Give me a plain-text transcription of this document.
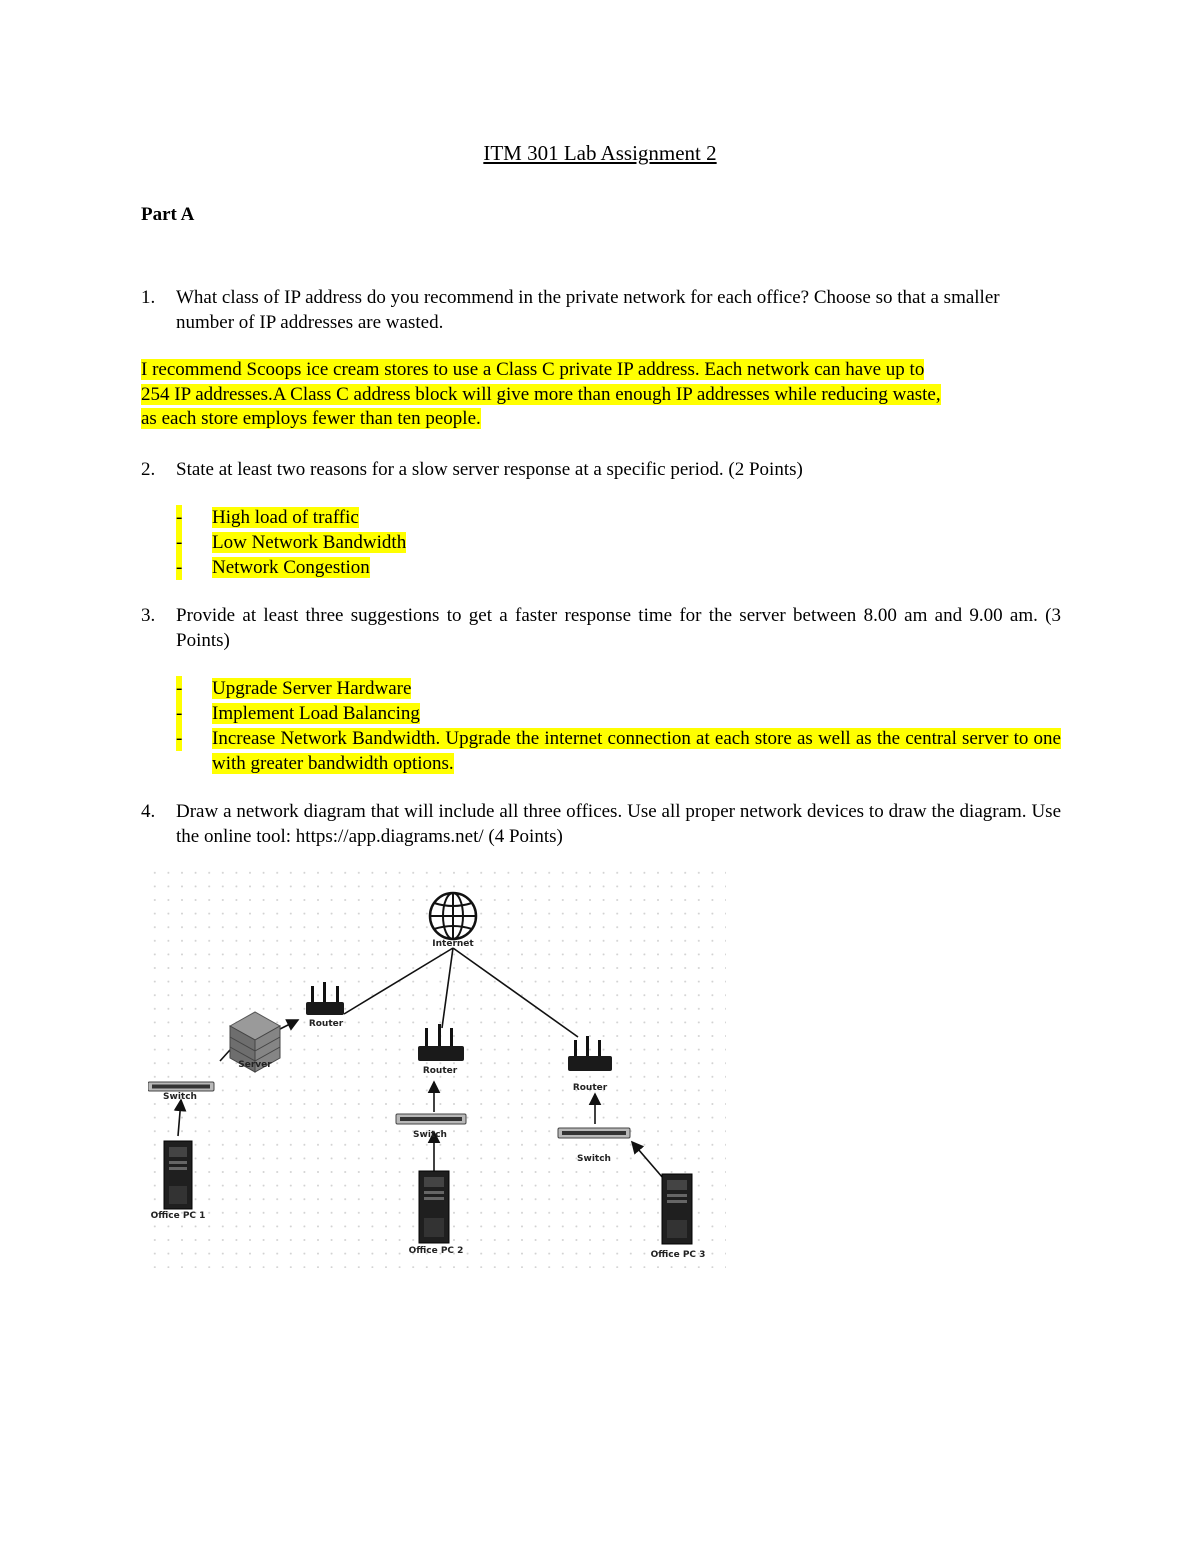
ITM 301 Lab Assignment 2
Part A
1. What class of IP address do you recommend in the private network for each office? Choose so that a smaller number of IP addresses are wasted.
I recommend Scoops ice cream stores to use a Class C private IP address. Each network can have up to
254 IP addresses.A Class C address block will give more than enough IP addresses while reducing waste,
as each store employs fewer than ten people.
2. State at least two reasons for a slow server response at a specific period. (2 Points)
- High load of traffic
- Low Network Bandwidth
- Network Congestion
3. Provide at least three suggestions to get a faster response time for the server between 8.00 am and 9.00 am. (3 Points)
- Upgrade Server Hardware
- Implement Load Balancing
- Increase Network Bandwidth. Upgrade the internet connection at each store as well as the central server to one with greater bandwidth options.
4. Draw a network diagram that will include all three offices. Use all proper network devices to draw the diagram. Use the online tool: https://app.diagrams.net/ (4 Points)
Internet
Router
Server
Switch
Office PC 1
Router
Switch
Office PC 2
Router
Switch
Office PC 3
